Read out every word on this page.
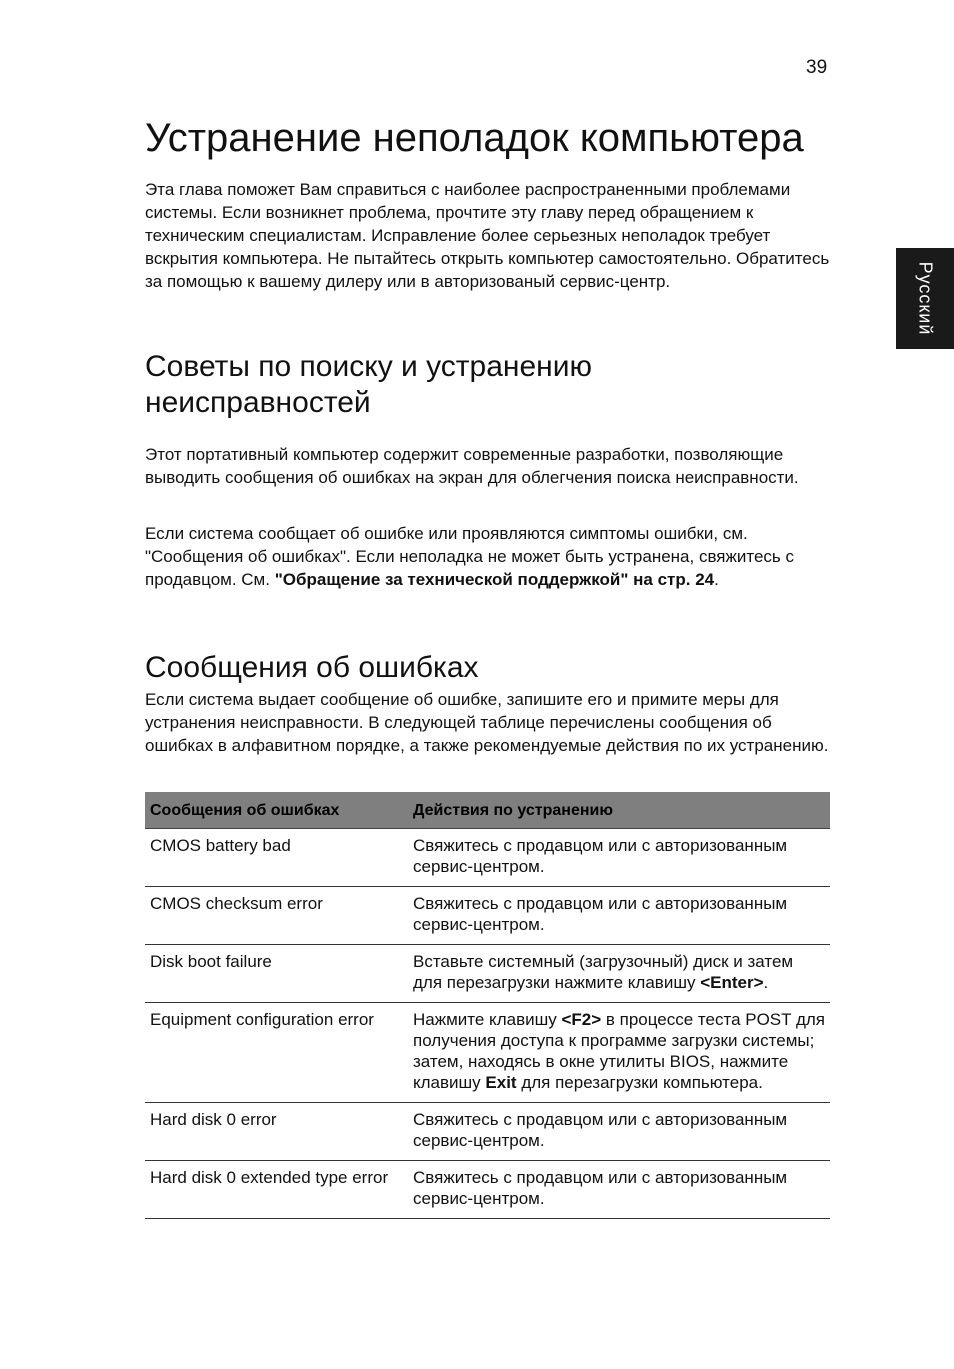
39
Русский
Устранение неполадок компьютера

Эта глава поможет Вам справиться с наиболее распространенными проблемами системы. Если возникнет проблема, прочтите эту главу перед обращением к техническим специалистам. Исправление более серьезных неполадок требует вскрытия компьютера. Не пытайтесь открыть компьютер самостоятельно. Обратитесь за помощью к вашему дилеру или в авторизованый сервис-центр.

Советы по поиску и устранению
неисправностей

Этот портативный компьютер содержит современные разработки, позволяющие выводить сообщения об ошибках на экран для облегчения поиска неисправности.

Если система сообщает об ошибке или проявляются симптомы ошибки, см. "Сообщения об ошибках". Если неполадка не может быть устранена, свяжитесь с продавцом. См. "Обращение за технической поддержкой" на стр. 24.

Сообщения об ошибках

Если система выдает сообщение об ошибке, запишите его и примите меры для устранения неисправности. В следующей таблице перечислены сообщения об ошибках в алфавитном порядке, а также рекомендуемые действия по их устранению.

Сообщения об ошибках	Действия по устранению
CMOS battery bad	Свяжитесь с продавцом или с авторизованным сервис-центром.
CMOS checksum error	Свяжитесь с продавцом или с авторизованным сервис-центром.
Disk boot failure	Вставьте системный (загрузочный) диск и затем для перезагрузки нажмите клавишу <Enter>.
Equipment configuration error	Нажмите клавишу <F2> в процессе теста POST для получения доступа к программе загрузки системы; затем, находясь в окне утилиты BIOS, нажмите клавишу Exit для перезагрузки компьютера.
Hard disk 0 error	Свяжитесь с продавцом или с авторизованным сервис-центром.
Hard disk 0 extended type error	Свяжитесь с продавцом или с авторизованным сервис-центром.
